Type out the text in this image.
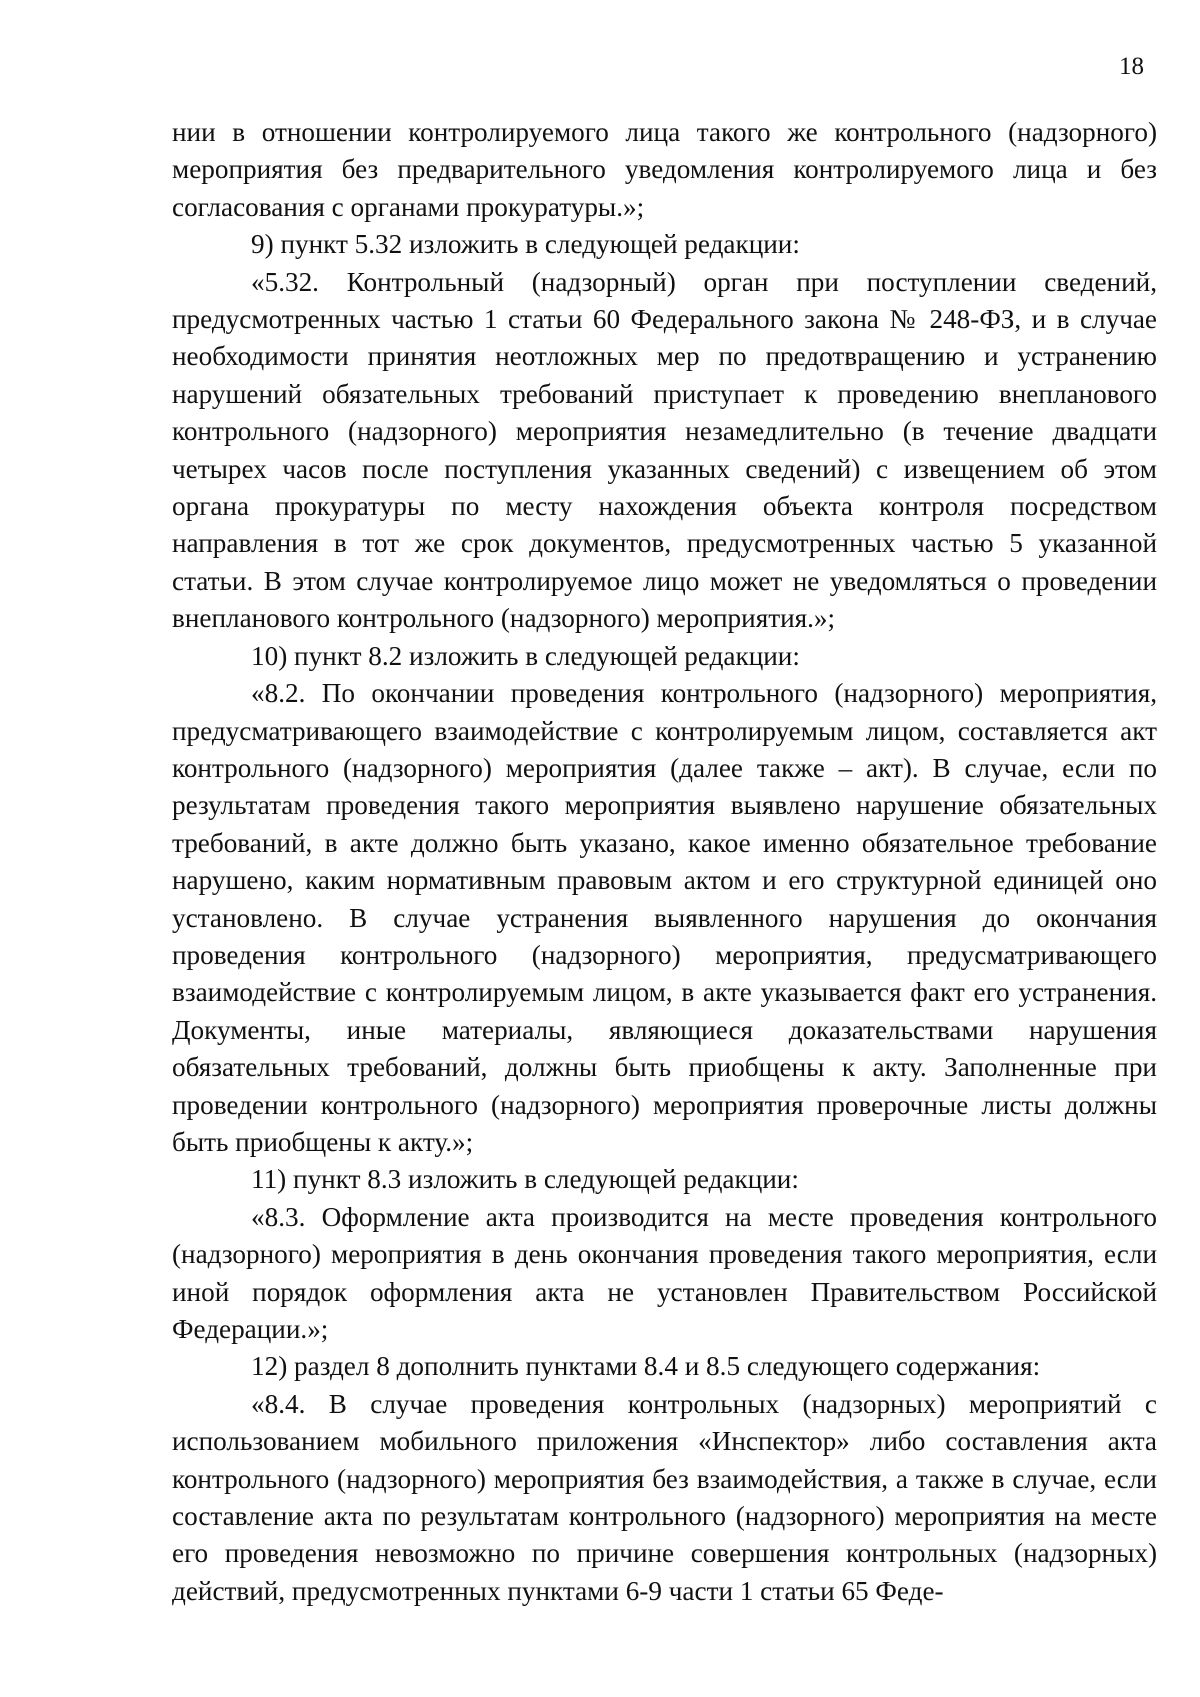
18

нии в отношении контролируемого лица такого же контрольного (надзорного) мероприятия без предварительного уведомления контролируемого лица и без согласования с органами прокуратуры.»;

9) пункт 5.32 изложить в следующей редакции:

«5.32. Контрольный (надзорный) орган при поступлении сведений, предусмотренных частью 1 статьи 60 Федерального закона № 248-ФЗ, и в случае необходимости принятия неотложных мер по предотвращению и устранению нарушений обязательных требований приступает к проведению внепланового контрольного (надзорного) мероприятия незамедлительно (в течение двадцати четырех часов после поступления указанных сведений) с извещением об этом органа прокуратуры по месту нахождения объекта контроля посредством направления в тот же срок документов, предусмотренных частью 5 указанной статьи. В этом случае контролируемое лицо может не уведомляться о проведении внепланового контрольного (надзорного) мероприятия.»;

10) пункт 8.2 изложить в следующей редакции:

«8.2. По окончании проведения контрольного (надзорного) мероприятия, предусматривающего взаимодействие с контролируемым лицом, составляется акт контрольного (надзорного) мероприятия (далее также – акт). В случае, если по результатам проведения такого мероприятия выявлено нарушение обязательных требований, в акте должно быть указано, какое именно обязательное требование нарушено, каким нормативным правовым актом и его структурной единицей оно установлено. В случае устранения выявленного нарушения до окончания проведения контрольного (надзорного) мероприятия, предусматривающего взаимодействие с контролируемым лицом, в акте указывается факт его устранения. Документы, иные материалы, являющиеся доказательствами нарушения обязательных требований, должны быть приобщены к акту. Заполненные при проведении контрольного (надзорного) мероприятия проверочные листы должны быть приобщены к акту.»;

11) пункт 8.3 изложить в следующей редакции:

«8.3. Оформление акта производится на месте проведения контрольного (надзорного) мероприятия в день окончания проведения такого мероприятия, если иной порядок оформления акта не установлен Правительством Российской Федерации.»;

12) раздел 8 дополнить пунктами 8.4 и 8.5 следующего содержания:

«8.4. В случае проведения контрольных (надзорных) мероприятий с использованием мобильного приложения «Инспектор» либо составления акта контрольного (надзорного) мероприятия без взаимодействия, а также в случае, если составление акта по результатам контрольного (надзорного) мероприятия на месте его проведения невозможно по причине совершения контрольных (надзорных) действий, предусмотренных пунктами 6-9 части 1 статьи 65 Феде-
